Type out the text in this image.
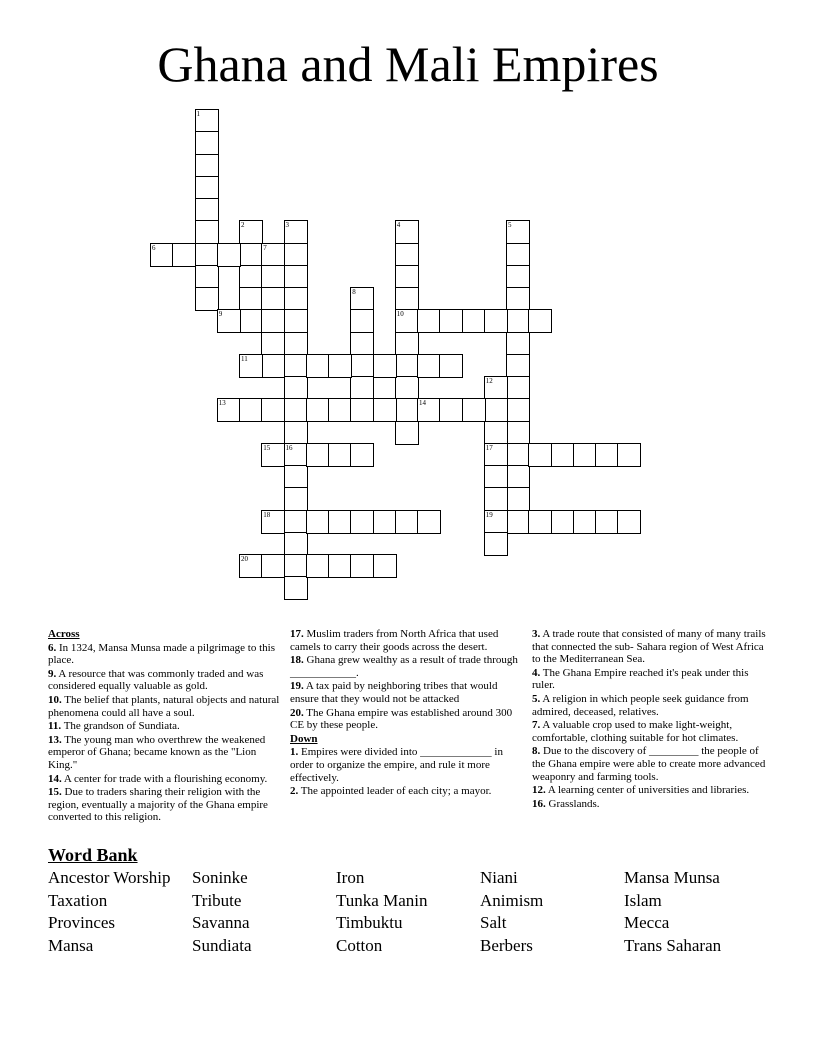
Ghana and Mali Empires
1
2	3
16
4
10
5
6	7
8
9
11
12
17
19
13	14
15
18
20
Across
6. In 1324, Mansa Munsa made a pilgrimage to this place.
9. A resource that was commonly traded and was considered equally valuable as gold.
10. The belief that plants, natural objects and natural phenomena could all have a soul.
11. The grandson of Sundiata.
13. The young man who overthrew the weakened emperor of Ghana; became known as the "Lion King."
14. A center for trade with a flourishing economy.
15. Due to traders sharing their religion with the region, eventually a majority of the Ghana empire converted to this religion.
17. Muslim traders from North Africa that used camels to carry their goods across the desert.
18. Ghana grew wealthy as a result of trade through ____________.
19. A tax paid by neighboring tribes that would ensure that they would not be attacked
20. The Ghana empire was established around 300 CE by these people.
Down
1. Empires were divided into _____________ in order to organize the empire, and rule it more effectively.
2. The appointed leader of each city; a mayor.
3. A trade route that consisted of many of many trails that connected the sub- Sahara region of West Africa to the Mediterranean Sea.
4. The Ghana Empire reached it's peak under this ruler.
5. A religion in which people seek guidance from admired, deceased, relatives.
7. A valuable crop used to make light-weight, comfortable, clothing suitable for hot climates.
8. Due to the discovery of _________ the people of the Ghana empire were able to create more advanced weaponry and farming tools.
12. A learning center of universities and libraries.
16. Grasslands.
Word Bank
Ancestor Worship
Taxation
Provinces
Mansa
Soninke
Tribute
Savanna
Sundiata
Iron
Tunka Manin
Timbuktu
Cotton
Niani
Animism
Salt
Berbers
Mansa Munsa
Islam
Mecca
Trans Saharan
